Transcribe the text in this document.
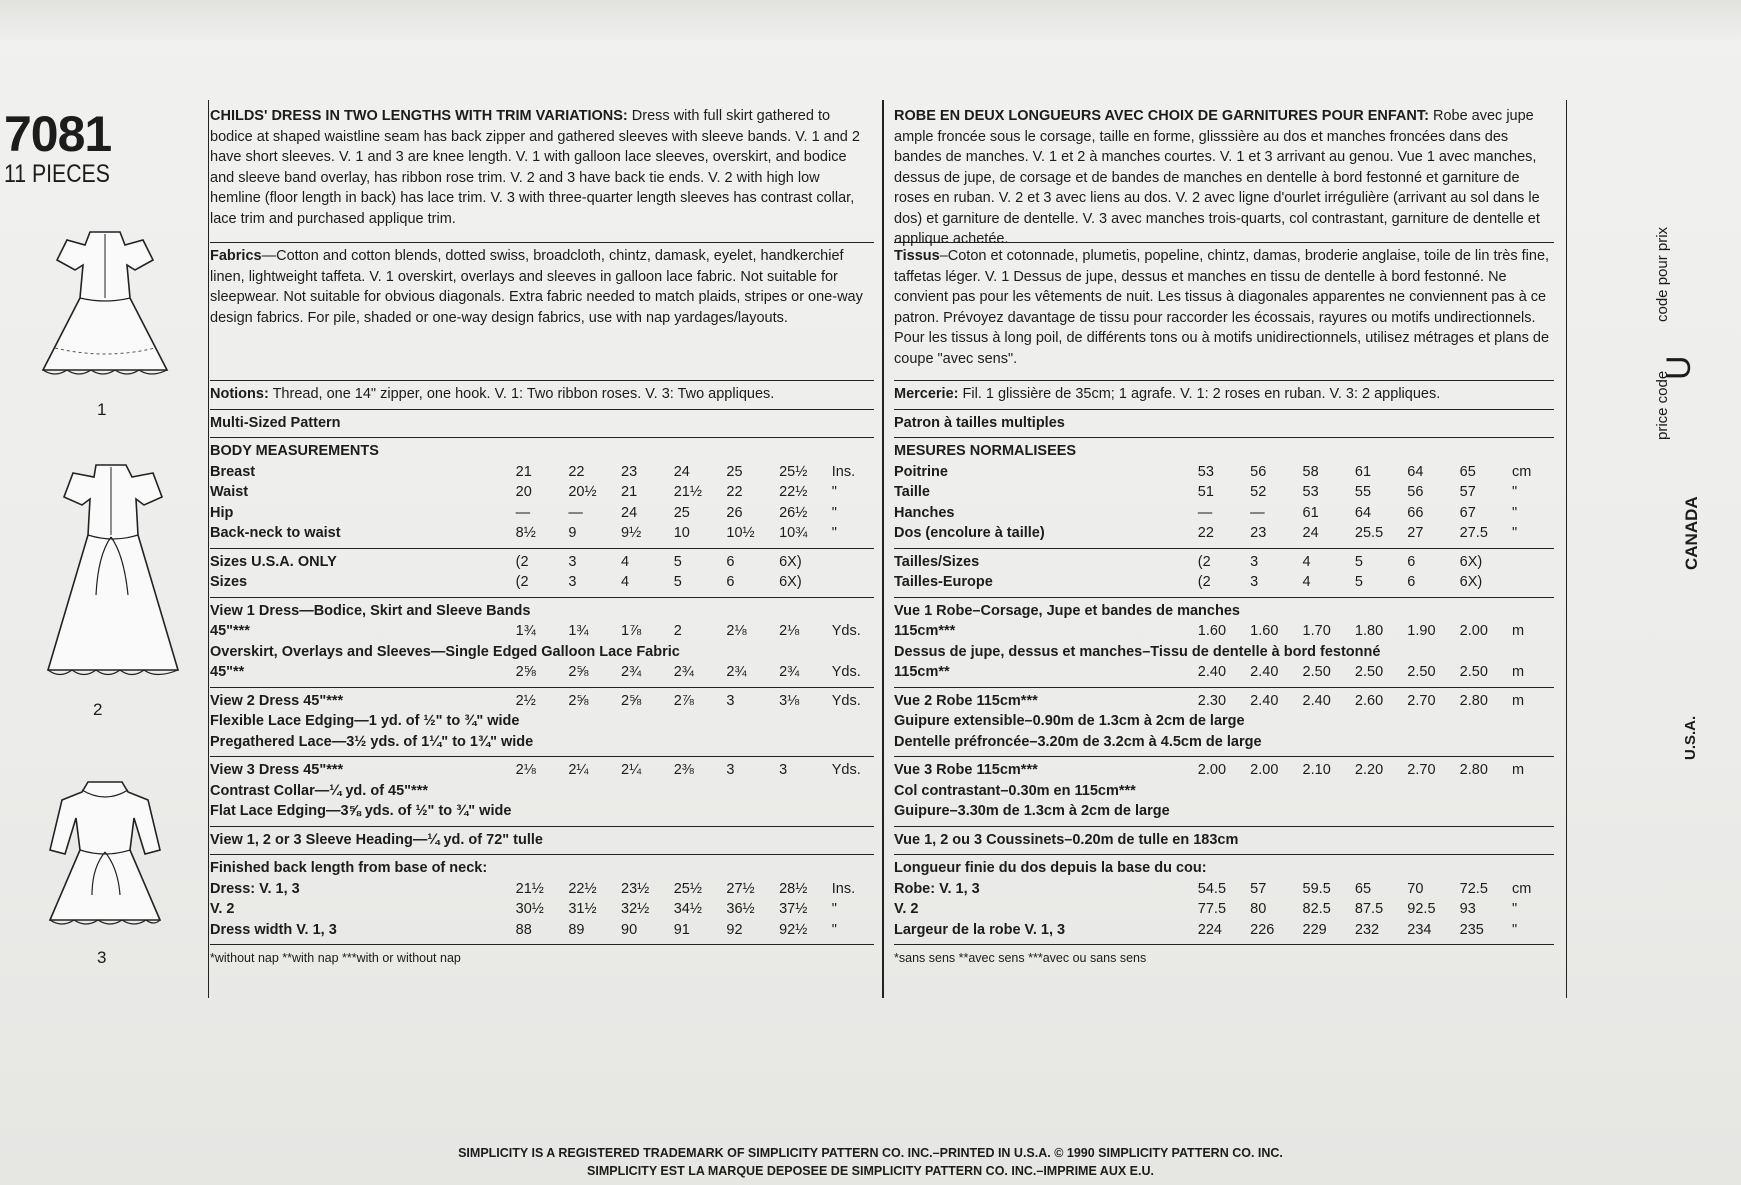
7081
11 PIECES
1
2
3
CHILDS' DRESS IN TWO LENGTHS WITH TRIM VARIATIONS: Dress with full skirt gathered to bodice at shaped waistline seam has back zipper and gathered sleeves with sleeve bands. V. 1 and 2 have short sleeves. V. 1 and 3 are knee length. V. 1 with galloon lace sleeves, overskirt, and bodice and sleeve band overlay, has ribbon rose trim. V. 2 and 3 have back tie ends. V. 2 with high low hemline (floor length in back) has lace trim. V. 3 with three-quarter length sleeves has contrast collar, lace trim and purchased applique trim.
Fabrics—Cotton and cotton blends, dotted swiss, broadcloth, chintz, damask, eyelet, handkerchief linen, lightweight taffeta. V. 1 overskirt, overlays and sleeves in galloon lace fabric. Not suitable for sleepwear. Not suitable for obvious diagonals. Extra fabric needed to match plaids, stripes or one-way design fabrics. For pile, shaded or one-way design fabrics, use with nap yardages/layouts.
Notions: Thread, one 14" zipper, one hook. V. 1: Two ribbon roses. V. 3: Two appliques.
Multi-Sized Pattern
BODY MEASUREMENTS
Breast	21	22	23	24	25	25½	Ins.
Waist	20	20½	21	21½	22	22½	"
Hip	—	—	24	25	26	26½	"
Back-neck to waist	8½	9	9½	10	10½	10¾	"
Sizes U.S.A. ONLY	(2	3	4	5	6	6X)	
Sizes	(2	3	4	5	6	6X)	
View 1 Dress—Bodice, Skirt and Sleeve Bands
45"***	1¾	1¾	1⅞	2	2⅛	2⅛	Yds.
Overskirt, Overlays and Sleeves—Single Edged Galloon Lace Fabric
45"**	2⅝	2⅝	2¾	2¾	2¾	2¾	Yds.
View 2 Dress 45"***	2½	2⅝	2⅝	2⅞	3	3⅛	Yds.
Flexible Lace Edging—1 yd. of ½" to ¾" wide
Pregathered Lace—3½ yds. of 1¼" to 1¾" wide
View 3 Dress 45"***	2⅛	2¼	2¼	2⅜	3	3	Yds.
Contrast Collar—¼ yd. of 45"***
Flat Lace Edging—3⅝ yds. of ½" to ¾" wide
View 1, 2 or 3 Sleeve Heading—¼ yd. of 72" tulle
Finished back length from base of neck:
Dress: V. 1, 3	21½	22½	23½	25½	27½	28½	Ins.
V. 2	30½	31½	32½	34½	36½	37½	"
Dress width V. 1, 3	88	89	90	91	92	92½	"
*without nap **with nap ***with or without nap
ROBE EN DEUX LONGUEURS AVEC CHOIX DE GARNITURES POUR ENFANT: Robe avec jupe ample froncée sous le corsage, taille en forme, glisssière au dos et manches froncées dans des bandes de manches. V. 1 et 2 à manches courtes. V. 1 et 3 arrivant au genou. Vue 1 avec manches, dessus de jupe, de corsage et de bandes de manches en dentelle à bord festonné et garniture de roses en ruban. V. 2 et 3 avec liens au dos. V. 2 avec ligne d'ourlet irrégulière (arrivant au sol dans le dos) et garniture de dentelle. V. 3 avec manches trois-quarts, col contrastant, garniture de dentelle et applique achetée.
Tissus–Coton et cotonnade, plumetis, popeline, chintz, damas, broderie anglaise, toile de lin très fine, taffetas léger. V. 1 Dessus de jupe, dessus et manches en tissu de dentelle à bord festonné. Ne convient pas pour les vêtements de nuit. Les tissus à diagonales apparentes ne conviennent pas à ce patron. Prévoyez davantage de tissu pour raccorder les écossais, rayures ou motifs undirectionnels. Pour les tissus à long poil, de différents tons ou à motifs unidirectionnels, utilisez métrages et plans de coupe "avec sens".
Mercerie: Fil. 1 glissière de 35cm; 1 agrafe. V. 1: 2 roses en ruban. V. 3: 2 appliques.
Patron à tailles multiples
MESURES NORMALISEES
Poitrine	53	56	58	61	64	65	cm
Taille	51	52	53	55	56	57	"
Hanches	—	—	61	64	66	67	"
Dos (encolure à taille)	22	23	24	25.5	27	27.5	"
Tailles/Sizes	(2	3	4	5	6	6X)	
Tailles-Europe	(2	3	4	5	6	6X)	
Vue 1 Robe–Corsage, Jupe et bandes de manches
115cm***	1.60	1.60	1.70	1.80	1.90	2.00	m
Dessus de jupe, dessus et manches–Tissu de dentelle à bord festonné
115cm**	2.40	2.40	2.50	2.50	2.50	2.50	m
Vue 2 Robe 115cm***	2.30	2.40	2.40	2.60	2.70	2.80	m
Guipure extensible–0.90m de 1.3cm à 2cm de large
Dentelle préfroncée–3.20m de 3.2cm à 4.5cm de large
Vue 3 Robe 115cm***	2.00	2.00	2.10	2.20	2.70	2.80	m
Col contrastant–0.30m en 115cm***
Guipure–3.30m de 1.3cm à 2cm de large
Vue 1, 2 ou 3 Coussinets–0.20m de tulle en 183cm
Longueur finie du dos depuis la base du cou:
Robe: V. 1, 3	54.5	57	59.5	65	70	72.5	cm
V. 2	77.5	80	82.5	87.5	92.5	93	"
Largeur de la robe V. 1, 3	224	226	229	232	234	235	"
*sans sens **avec sens ***avec ou sans sens
code pour prix
U
price code
CANADA
U.S.A.
SIMPLICITY IS A REGISTERED TRADEMARK OF SIMPLICITY PATTERN CO. INC.–PRINTED IN U.S.A. © 1990 SIMPLICITY PATTERN CO. INC.
SIMPLICITY EST LA MARQUE DEPOSEE DE SIMPLICITY PATTERN CO. INC.–IMPRIME AUX E.U.
